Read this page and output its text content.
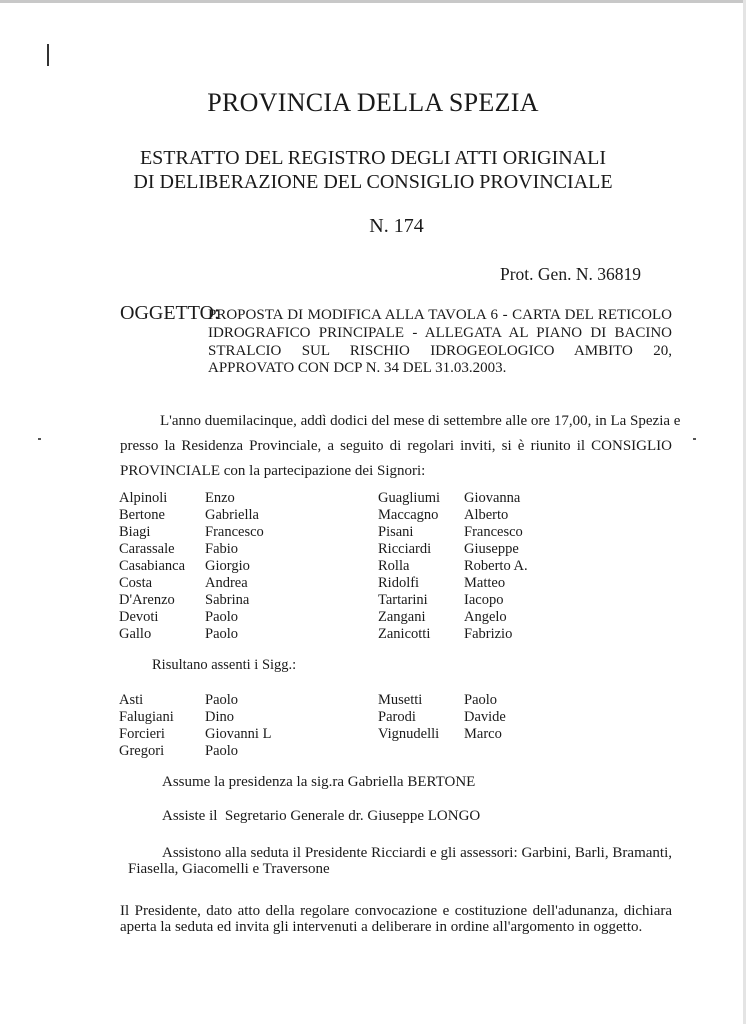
PROVINCIA DELLA SPEZIA
ESTRATTO DEL REGISTRO DEGLI ATTI ORIGINALI
DI DELIBERAZIONE DEL CONSIGLIO PROVINCIALE
N. 174
Prot. Gen. N. 36819
OGGETTO:
PROPOSTA DI MODIFICA ALLA TAVOLA 6 - CARTA DEL RETICOLO
IDROGRAFICO PRINCIPALE - ALLEGATA AL PIANO DI BACINO
STRALCIO SUL RISCHIO IDROGEOLOGICO AMBITO 20,
APPROVATO CON DCP N. 34 DEL 31.03.2003.
L'anno duemilacinque, addì dodici del mese di settembre alle ore 17,00, in La Spezia e
presso la Residenza Provinciale, a seguito di regolari inviti, si è riunito il CONSIGLIO
PROVINCIALE con la partecipazione dei Signori:
Alpinoli
Bertone
Biagi
Carassale
Casabianca
Costa
D'Arenzo
Devoti
Gallo
Enzo
Gabriella
Francesco
Fabio
Giorgio
Andrea
Sabrina
Paolo
Paolo
Guagliumi
Maccagno
Pisani
Ricciardi
Rolla
Ridolfi
Tartarini
Zangani
Zanicotti
Giovanna
Alberto
Francesco
Giuseppe
Roberto A.
Matteo
Iacopo
Angelo
Fabrizio
Risultano assenti i Sigg.:
Asti
Falugiani
Forcieri
Gregori
Paolo
Dino
Giovanni L
Paolo
Musetti
Parodi
Vignudelli
Paolo
Davide
Marco
Assume la presidenza la sig.ra Gabriella BERTONE
Assiste il  Segretario Generale dr. Giuseppe LONGO
Assistono alla seduta il Presidente Ricciardi e gli assessori: Garbini, Barli, Bramanti,
Fiasella, Giacomelli e Traversone
Il Presidente, dato atto della regolare convocazione e costituzione dell'adunanza, dichiara
aperta la seduta ed invita gli intervenuti a deliberare in ordine all'argomento in oggetto.
